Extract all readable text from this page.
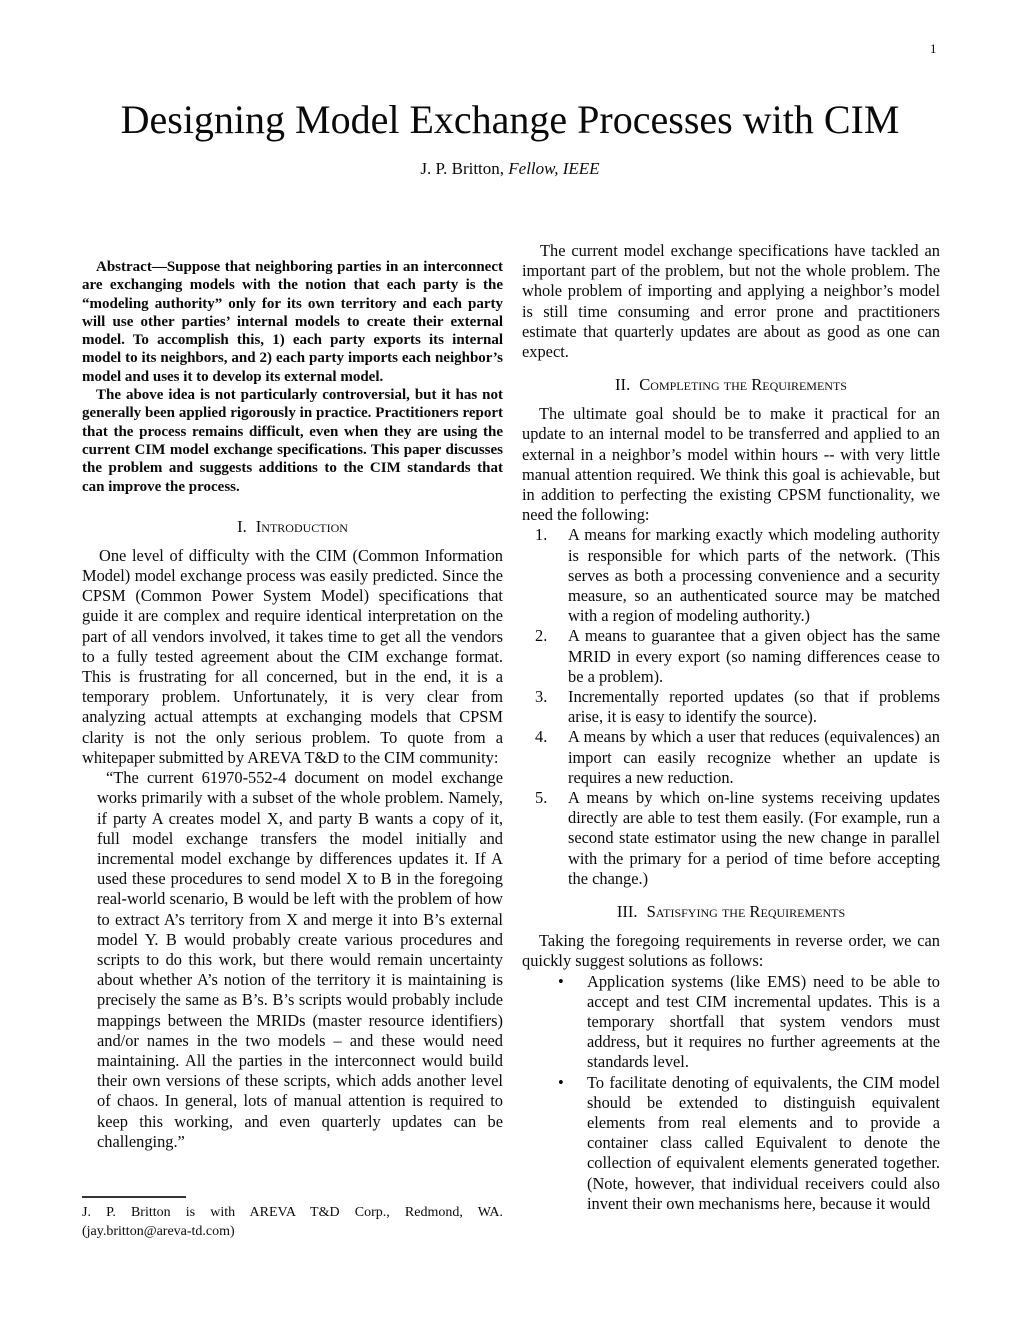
1
Designing Model Exchange Processes with CIM
J. P. Britton, Fellow, IEEE

Abstract—Suppose that neighboring parties in an interconnect are exchanging models with the notion that each party is the “modeling authority” only for its own territory and each party will use other parties’ internal models to create their external model. To accomplish this, 1) each party exports its internal model to its neighbors, and 2) each party imports each neighbor’s model and uses it to develop its external model.

The above idea is not particularly controversial, but it has not generally been applied rigorously in practice. Practitioners report that the process remains difficult, even when they are using the current CIM model exchange specifications. This paper discusses the problem and suggests additions to the CIM standards that can improve the process.

I. Introduction

One level of difficulty with the CIM (Common Information Model) model exchange process was easily predicted. Since the CPSM (Common Power System Model) specifications that guide it are complex and require identical interpretation on the part of all vendors involved, it takes time to get all the vendors to a fully tested agreement about the CIM exchange format. This is frustrating for all concerned, but in the end, it is a temporary problem. Unfortunately, it is very clear from analyzing actual attempts at exchanging models that CPSM clarity is not the only serious problem. To quote from a whitepaper submitted by AREVA T&D to the CIM community:

“The current 61970-552-4 document on model exchange works primarily with a subset of the whole problem. Namely, if party A creates model X, and party B wants a copy of it, full model exchange transfers the model initially and incremental model exchange by differences updates it. If A used these procedures to send model X to B in the foregoing real-world scenario, B would be left with the problem of how to extract A’s territory from X and merge it into B’s external model Y. B would probably create various procedures and scripts to do this work, but there would remain uncertainty about whether A’s notion of the territory it is maintaining is precisely the same as B’s. B’s scripts would probably include mappings between the MRIDs (master resource identifiers) and/or names in the two models – and these would need maintaining. All the parties in the interconnect would build their own versions of these scripts, which adds another level of chaos. In general, lots of manual attention is required to keep this working, and even quarterly updates can be challenging.”

The current model exchange specifications have tackled an important part of the problem, but not the whole problem. The whole problem of importing and applying a neighbor’s model is still time consuming and error prone and practitioners estimate that quarterly updates are about as good as one can expect.

II. Completing the Requirements

The ultimate goal should be to make it practical for an update to an internal model to be transferred and applied to an external in a neighbor’s model within hours -- with very little manual attention required. We think this goal is achievable, but in addition to perfecting the existing CPSM functionality, we need the following:

1.	A means for marking exactly which modeling authority is responsible for which parts of the network. (This serves as both a processing convenience and a security measure, so an authenticated source may be matched with a region of modeling authority.)
2.	A means to guarantee that a given object has the same MRID in every export (so naming differences cease to be a problem).
3.	Incrementally reported updates (so that if problems arise, it is easy to identify the source).
4.	A means by which a user that reduces (equivalences) an import can easily recognize whether an update is requires a new reduction.
5.	A means by which on-line systems receiving updates directly are able to test them easily. (For example, run a second state estimator using the new change in parallel with the primary for a period of time before accepting the change.)
III. Satisfying the Requirements

Taking the foregoing requirements in reverse order, we can quickly suggest solutions as follows:

•	Application systems (like EMS) need to be able to accept and test CIM incremental updates. This is a temporary shortfall that system vendors must address, but it requires no further agreements at the standards level.
•	To facilitate denoting of equivalents, the CIM model should be extended to distinguish equivalent elements from real elements and to provide a container class called Equivalent to denote the collection of equivalent elements generated together. (Note, however, that individual receivers could also invent their own mechanisms here, because it would
J. P. Britton is with AREVA T&D Corp., Redmond, WA.
(jay.britton@areva-td.com)
